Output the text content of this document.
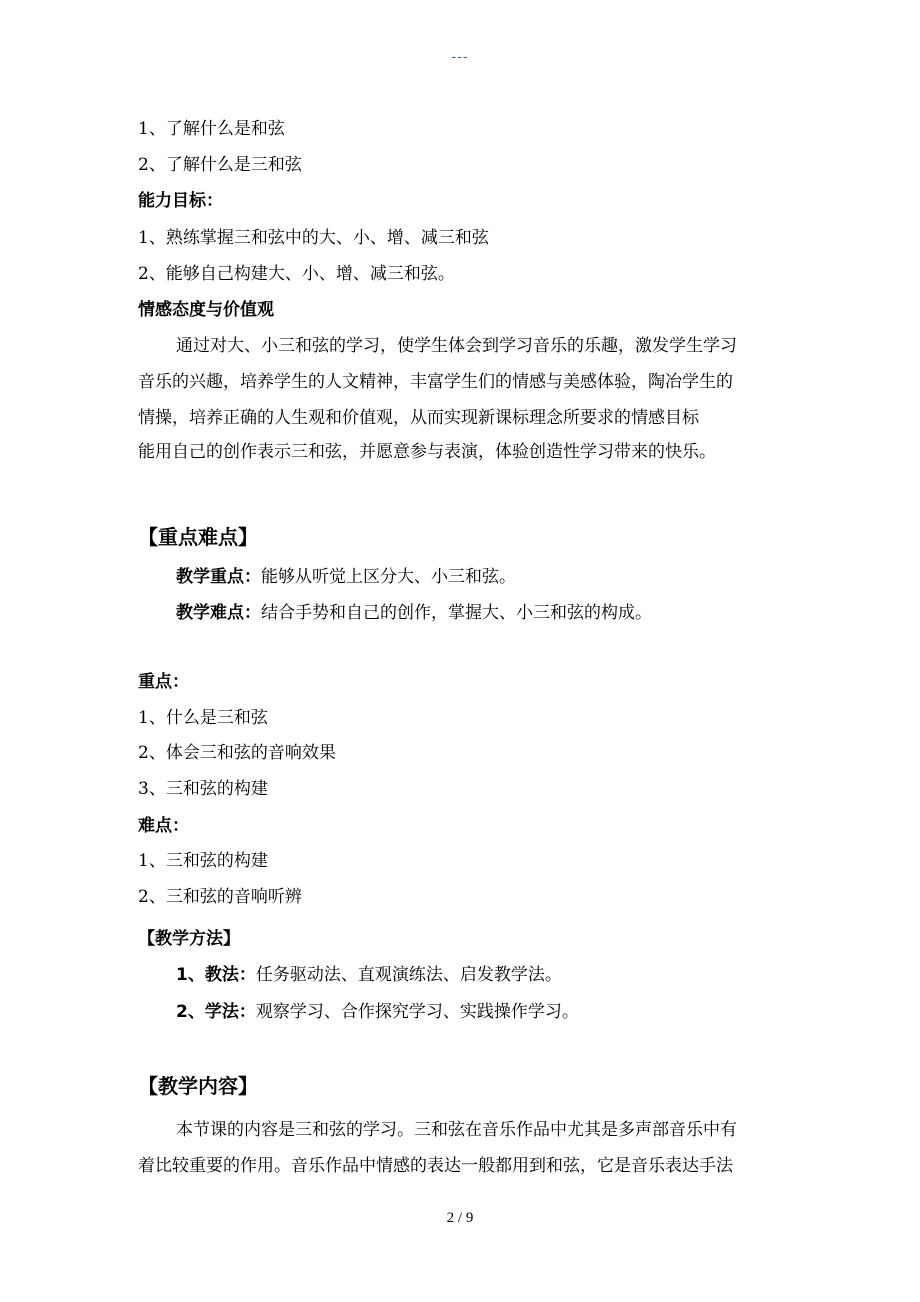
---
1、了解什么是和弦
2、了解什么是三和弦
能力目标：
1、熟练掌握三和弦中的大、小、增、减三和弦
2、能够自己构建大、小、增、减三和弦。
情感态度与价值观
通过对大、小三和弦的学习，使学生体会到学习音乐的乐趣，激发学生学习
音乐的兴趣，培养学生的人文精神，丰富学生们的情感与美感体验，陶冶学生的
情操，培养正确的人生观和价值观，从而实现新课标理念所要求的情感目标
能用自己的创作表示三和弦，并愿意参与表演，体验创造性学习带来的快乐。
【重点难点】
教学重点：能够从听觉上区分大、小三和弦。
教学难点：结合手势和自己的创作，掌握大、小三和弦的构成。
重点：
1、什么是三和弦
2、体会三和弦的音响效果
3、三和弦的构建
难点：
1、三和弦的构建
2、三和弦的音响听辨
【教学方法】
1、教法：任务驱动法、直观演练法、启发教学法。
2、学法：观察学习、合作探究学习、实践操作学习。
【教学内容】
本节课的内容是三和弦的学习。三和弦在音乐作品中尤其是多声部音乐中有
着比较重要的作用。音乐作品中情感的表达一般都用到和弦，它是音乐表达手法
2 / 9
